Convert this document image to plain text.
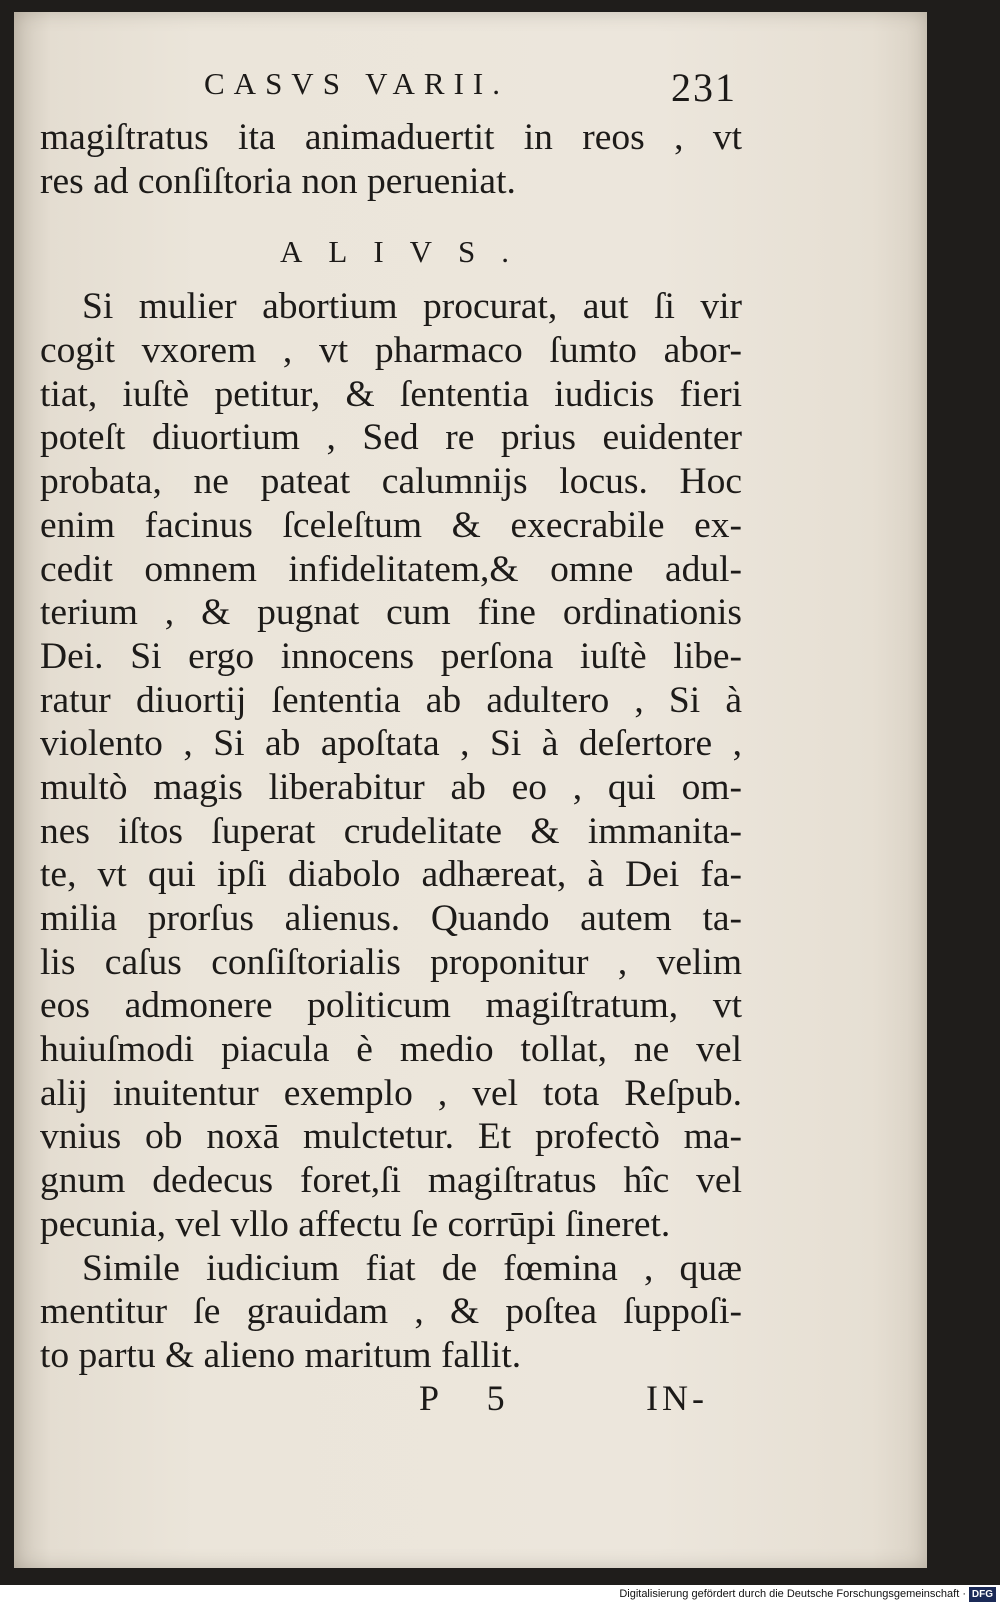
CASVS VARII.	231
magiſtratus ita animaduertit in reos , vt
res ad conſiſtoria non perueniat.
ALIVS.
Si mulier abortium procurat, aut ſi vir
cogit vxorem , vt pharmaco ſumto abor-
tiat, iuſtè petitur, & ſententia iudicis fieri
poteſt diuortium , Sed re prius euidenter
probata, ne pateat calumnijs locus. Hoc
enim facinus ſceleſtum & execrabile ex-
cedit omnem infidelitatem,& omne adul-
terium , & pugnat cum fine ordinationis
Dei. Si ergo innocens perſona iuſtè libe-
ratur diuortij ſententia ab adultero , Si à
violento , Si ab apoſtata , Si à deſertore ,
multò magis liberabitur ab eo , qui om-
nes iſtos ſuperat crudelitate & immanita-
te, vt qui ipſi diabolo adhæreat, à Dei fa-
milia prorſus alienus. Quando autem ta-
lis caſus conſiſtorialis proponitur , velim
eos admonere politicum magiſtratum, vt
huiuſmodi piacula è medio tollat, ne vel
alij inuitentur exemplo , vel tota Reſpub.
vnius ob noxā mulctetur. Et profectò ma-
gnum dedecus foret,ſi magiſtratus hîc vel
pecunia, vel vllo affectu ſe corrūpi ſineret.
Simile iudicium fiat de fœmina , quæ
mentitur ſe grauidam , & poſtea ſuppoſi-
to partu & alieno maritum fallit.
P 5	IN-
Digitalisierung gefördert durch die Deutsche Forschungsgemeinschaft · DFG
